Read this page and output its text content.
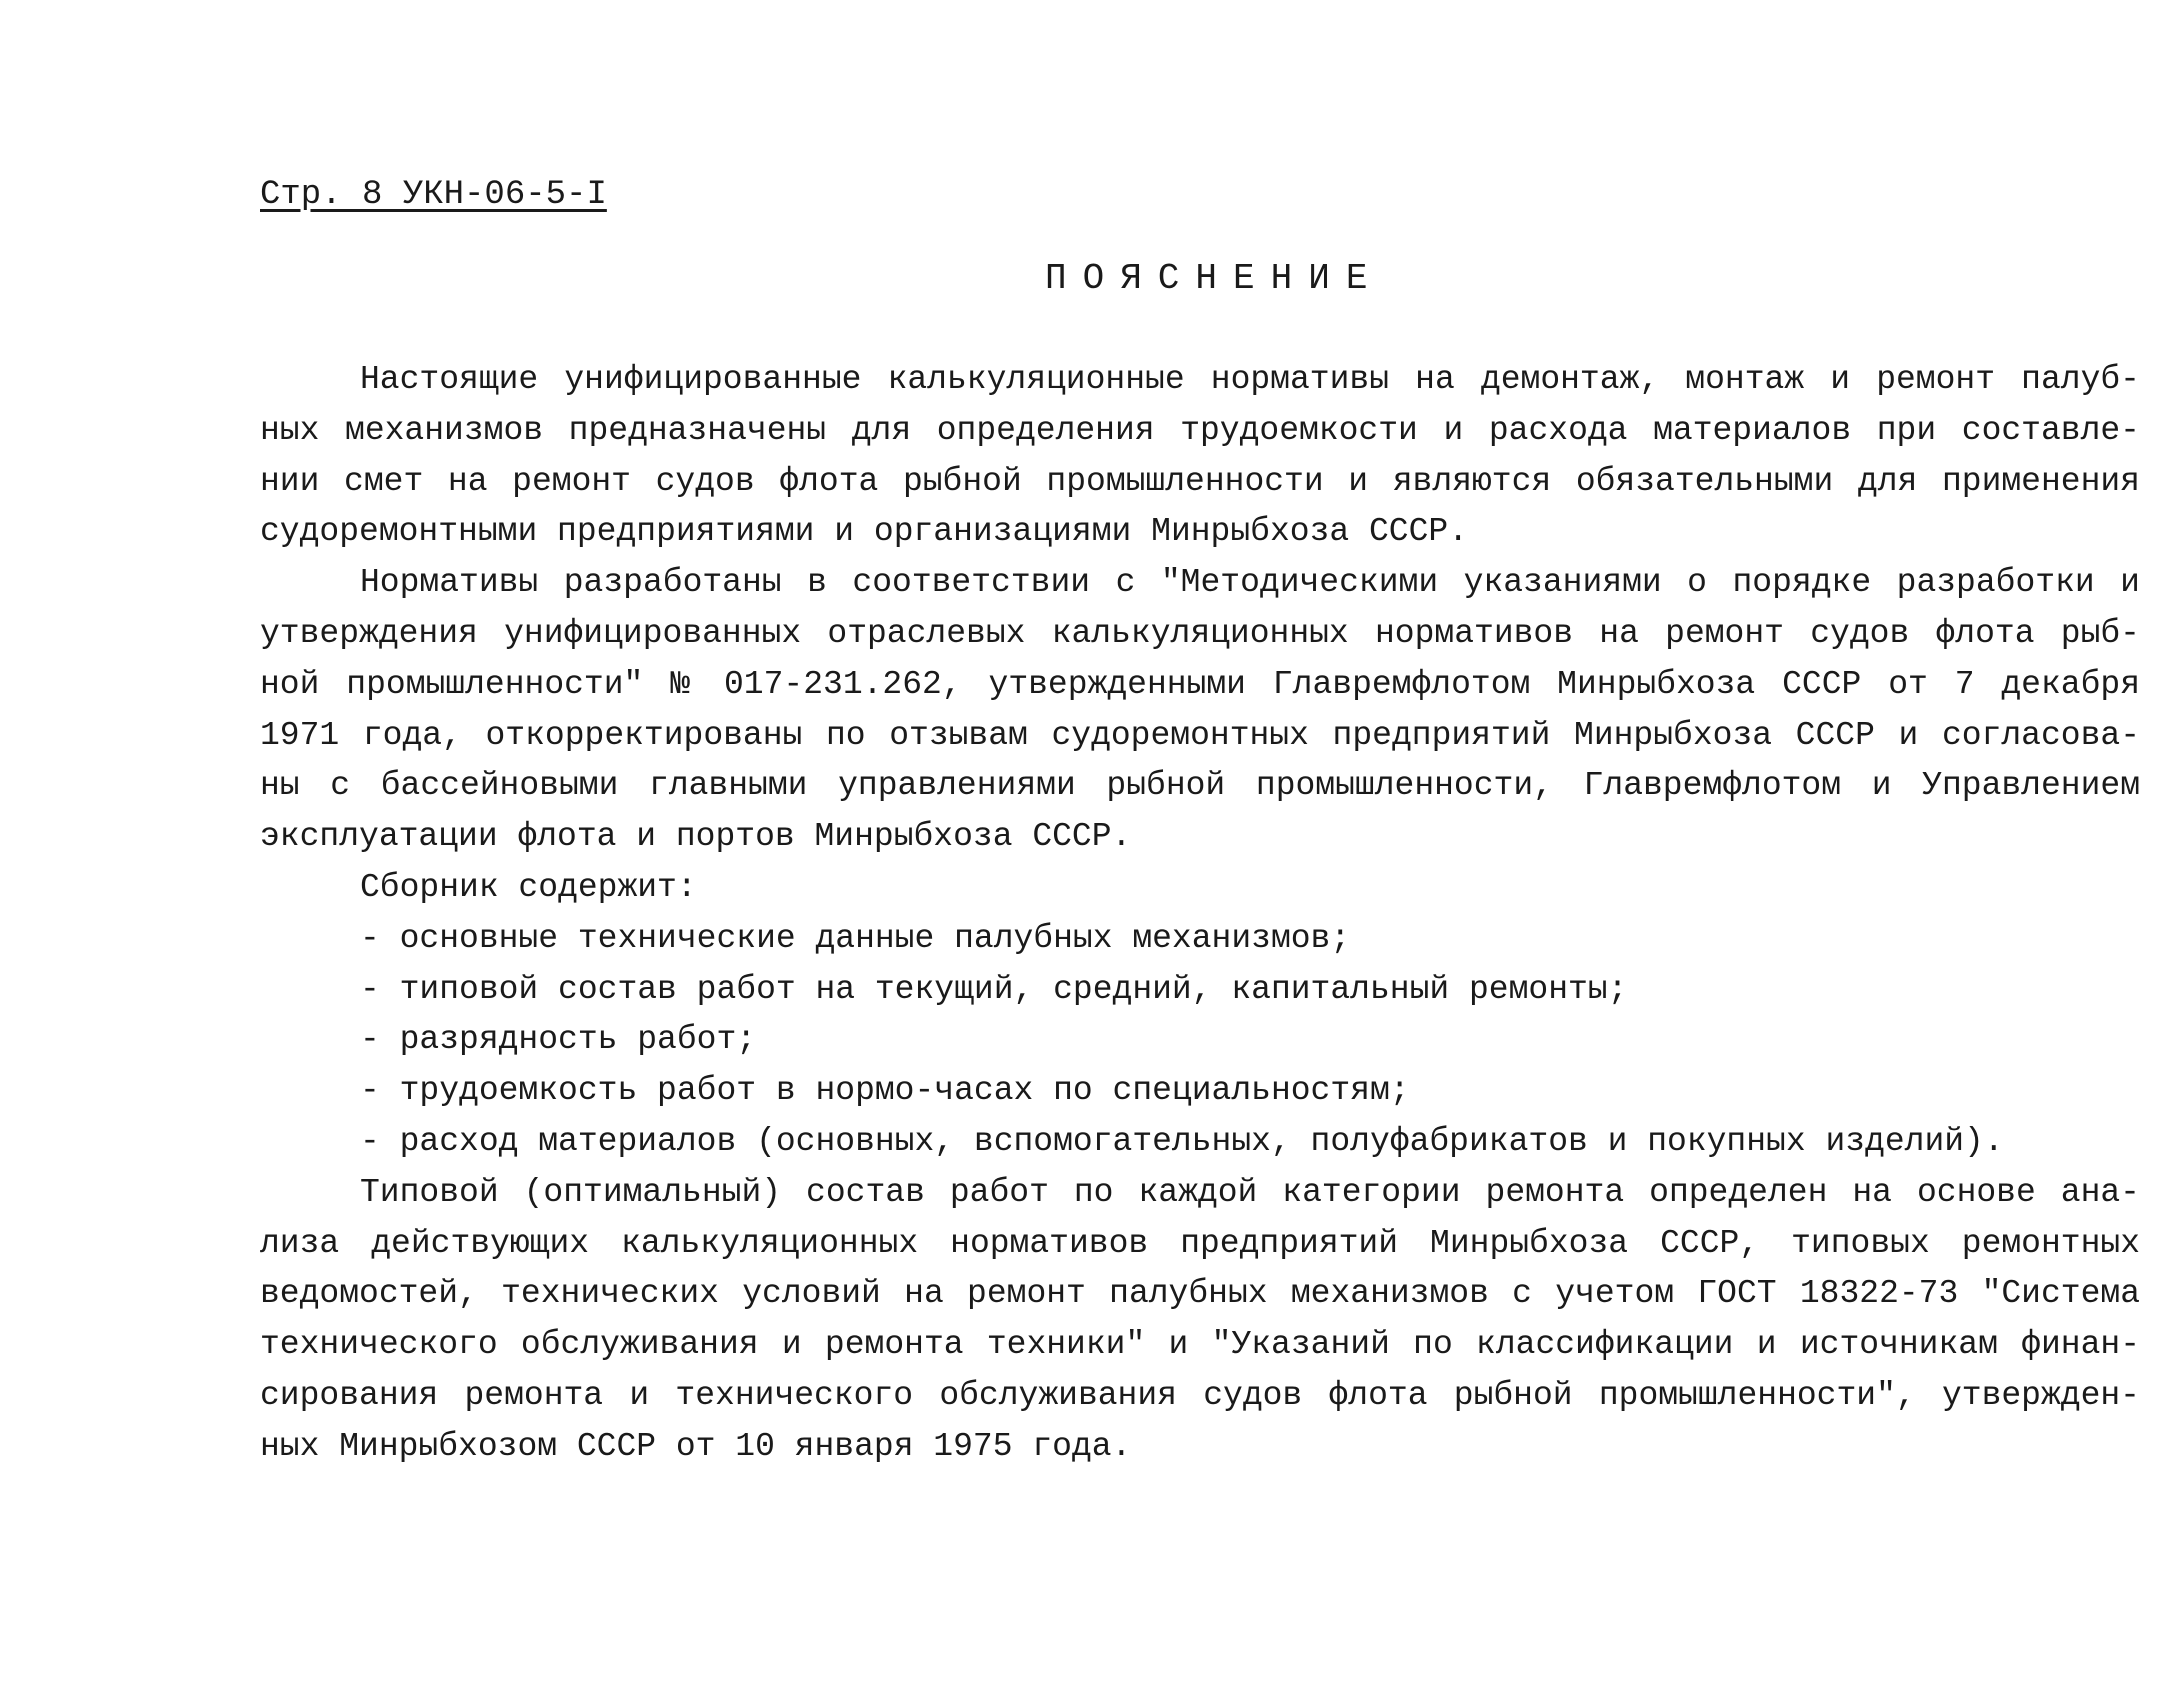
Стр. 8 УКН-06-5-I
ПОЯСНЕНИЕ
Настоящие унифицированные калькуляционные нормативы на демонтаж, монтаж и ремонт палуб-
ных механизмов предназначены для определения трудоемкости и расхода материалов при составле-
нии смет на ремонт судов флота рыбной промышленности и являются обязательными для применения
судоремонтными предприятиями и организациями Минрыбхоза СССР.
Нормативы разработаны в соответствии с "Методическими указаниями о порядке разработки и
утверждения унифицированных отраслевых калькуляционных нормативов на ремонт судов флота рыб-
ной промышленности" № 017-231.262, утвержденными Главремфлотом Минрыбхоза СССР от 7 декабря
1971 года, откорректированы по отзывам судоремонтных предприятий Минрыбхоза СССР и согласова-
ны с бассейновыми главными управлениями рыбной промышленности, Главремфлотом и Управлением
эксплуатации флота и портов Минрыбхоза СССР.
Сборник содержит:
- основные технические данные палубных механизмов;
- типовой состав работ на текущий, средний, капитальный ремонты;
- разрядность работ;
- трудоемкость работ в нормо-часах по специальностям;
- расход материалов (основных, вспомогательных, полуфабрикатов и покупных изделий).
Типовой (оптимальный) состав работ по каждой категории ремонта определен на основе ана-
лиза действующих калькуляционных нормативов предприятий Минрыбхоза СССР, типовых ремонтных
ведомостей, технических условий на ремонт палубных механизмов с учетом ГОСТ 18322-73 "Система
технического обслуживания и ремонта техники" и "Указаний по классификации и источникам финан-
сирования ремонта и технического обслуживания судов флота рыбной промышленности", утвержден-
ных Минрыбхозом СССР от 10 января 1975 года.
